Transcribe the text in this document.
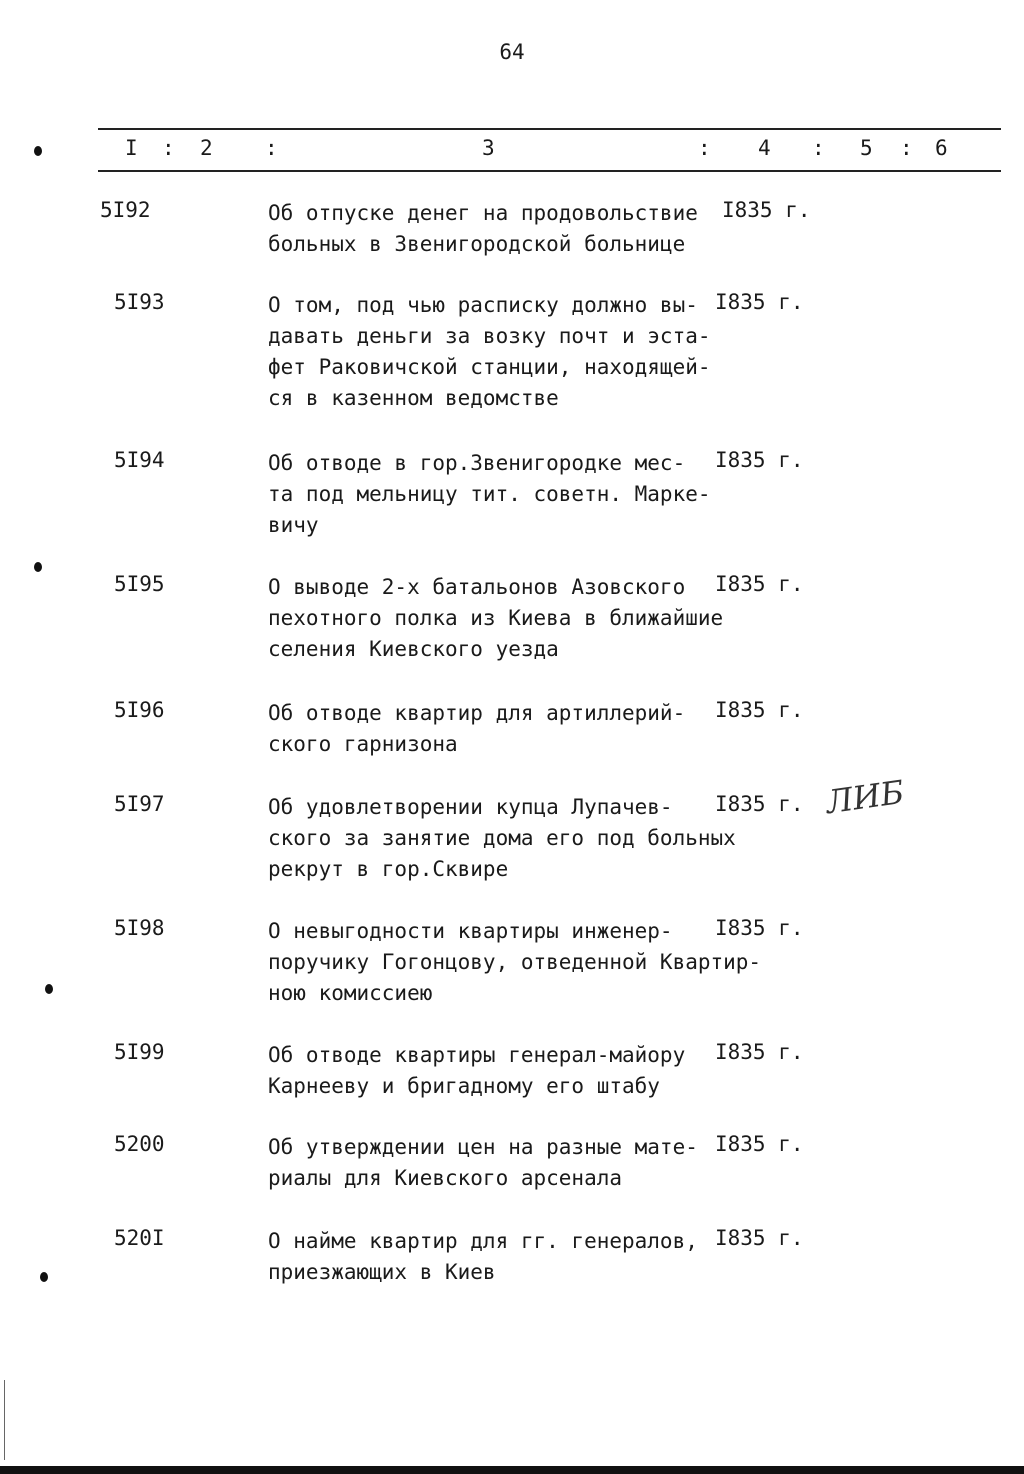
64
I : 2 :	3	: 4 : 5 : 6
5I92	Об отпуске денег на продовольствие
больных в Звенигородской больнице
I835 г.
5I93	О том, под чью расписку должно вы-
давать деньги за возку почт и эста-
фет Раковичской станции, находящей-
ся в казенном ведомстве
I835 г.
5I94	Об отводе в гор.Звенигородке мес-
та под мельницу тит. советн. Марке-
вичу
I835 г.
5I95	О выводе 2-х батальонов Азовского
пехотного полка из Киева в ближайшие
селения Киевского уезда
I835 г.
5I96	Об отводе квартир для артиллерий-
ского гарнизона
I835 г.
5I97	Об удовлетворении купца Лупачев-
ского за занятие дома его под больных
рекрут в гор.Сквире
I835 г.
5I98	О невыгодности квартиры инженер-
поручику Гогонцову, отведенной Квартир-
ною комиссиею
I835 г.
5I99	Об отводе квартиры генерал-майору
Карнееву и бригадному его штабу
I835 г.
5200	Об утверждении цен на разные мате-
риалы для Киевского арсенала
I835 г.
520I	О найме квартир для гг. генералов,
приезжающих в Киев
I835 г.
ЛИБ
